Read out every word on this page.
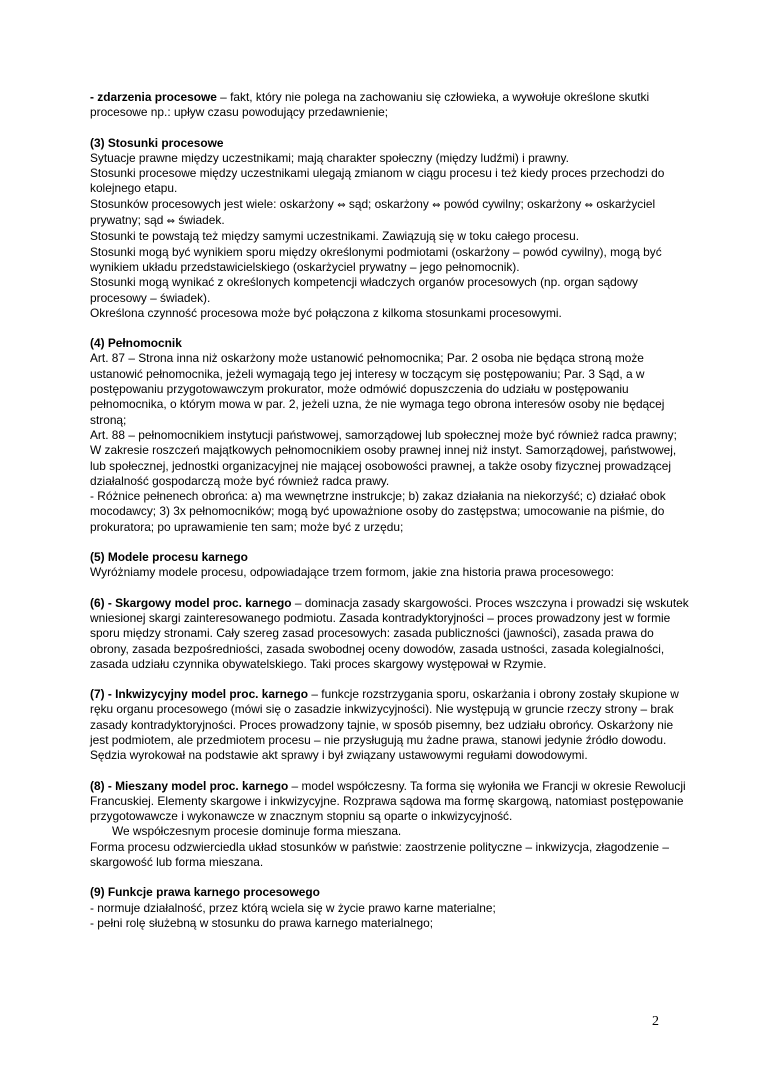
- zdarzenia procesowe – fakt, który nie polega na zachowaniu się człowieka, a wywołuje określone skutki procesowe np.: upływ czasu powodujący przedawnienie;

(3) Stosunki procesowe

Sytuacje prawne między uczestnikami; mają charakter społeczny (między ludźmi) i prawny.

Stosunki procesowe między uczestnikami ulegają zmianom w ciągu procesu i też kiedy proces przechodzi do kolejnego etapu.

Stosunków procesowych jest wiele: oskarżony ⇔ sąd; oskarżony ⇔ powód cywilny; oskarżony ⇔ oskarżyciel prywatny; sąd ⇔ świadek.

Stosunki te powstają też między samymi uczestnikami. Zawiązują się w toku całego procesu.

Stosunki mogą być wynikiem sporu między określonymi podmiotami (oskarżony – powód cywilny), mogą być wynikiem układu przedstawicielskiego (oskarżyciel prywatny – jego pełnomocnik).

Stosunki mogą wynikać z określonych kompetencji władczych organów procesowych (np. organ sądowy procesowy – świadek).

Określona czynność procesowa może być połączona z kilkoma stosunkami procesowymi.

(4) Pełnomocnik

Art. 87 – Strona inna niż oskarżony może ustanowić pełnomocnika; Par. 2 osoba nie będąca stroną może ustanowić pełnomocnika, jeżeli wymagają tego jej interesy w toczącym się postępowaniu; Par. 3 Sąd, a w postępowaniu przygotowawczym prokurator, może odmówić dopuszczenia do udziału w postępowaniu pełnomocnika, o którym mowa w par. 2, jeżeli uzna, że nie wymaga tego obrona interesów osoby nie będącej stroną;

Art. 88 – pełnomocnikiem instytucji państwowej, samorządowej lub społecznej może być również radca prawny; W zakresie roszczeń majątkowych pełnomocnikiem osoby prawnej innej niż instyt. Samorządowej, państwowej, lub społecznej, jednostki organizacyjnej nie mającej osobowości prawnej, a także osoby fizycznej prowadzącej działalność gospodarczą może być również radca prawy.

- Różnice pełnenech obrońca: a) ma wewnętrzne instrukcje; b) zakaz działania na niekorzyść; c) działać obok mocodawcy; 3) 3x pełnomocników; mogą być upoważnione osoby do zastępstwa; umocowanie na piśmie, do prokuratora; po uprawamienie ten sam; może być z urzędu;

(5) Modele procesu karnego

Wyróżniamy modele procesu, odpowiadające trzem formom, jakie zna historia prawa procesowego:

(6) - Skargowy model proc. karnego – dominacja zasady skargowości. Proces wszczyna i prowadzi się wskutek wniesionej skargi zainteresowanego podmiotu. Zasada kontradyktoryjności – proces prowadzony jest w formie sporu między stronami. Cały szereg zasad procesowych: zasada publiczności (jawności), zasada prawa do obrony, zasada bezpośredniości, zasada swobodnej oceny dowodów, zasada ustności, zasada kolegialności, zasada udziału czynnika obywatelskiego. Taki proces skargowy występował w Rzymie.

(7) - Inkwizycyjny model proc. karnego – funkcje rozstrzygania sporu, oskarżania i obrony zostały skupione w ręku organu procesowego (mówi się o zasadzie inkwizycyjności). Nie występują w gruncie rzeczy strony – brak zasady kontradyktoryjności. Proces prowadzony tajnie, w sposób pisemny, bez udziału obrońcy. Oskarżony nie jest podmiotem, ale przedmiotem procesu – nie przysługują mu żadne prawa, stanowi jedynie źródło dowodu. Sędzia wyrokował na podstawie akt sprawy i był związany ustawowymi regułami dowodowymi.

(8) - Mieszany model proc. karnego – model współczesny. Ta forma się wyłoniła we Francji w okresie Rewolucji Francuskiej. Elementy skargowe i inkwizycyjne. Rozprawa sądowa ma formę skargową, natomiast postępowanie przygotowawcze i wykonawcze w znacznym stopniu są oparte o inkwizycyjność.

We współczesnym procesie dominuje forma mieszana.

Forma procesu odzwierciedla układ stosunków w państwie: zaostrzenie polityczne – inkwizycja, złagodzenie – skargowość lub forma mieszana.

(9) Funkcje prawa karnego procesowego

- normuje działalność, przez którą wciela się w życie prawo karne materialne;

- pełni rolę służebną w stosunku do prawa karnego materialnego;

2
